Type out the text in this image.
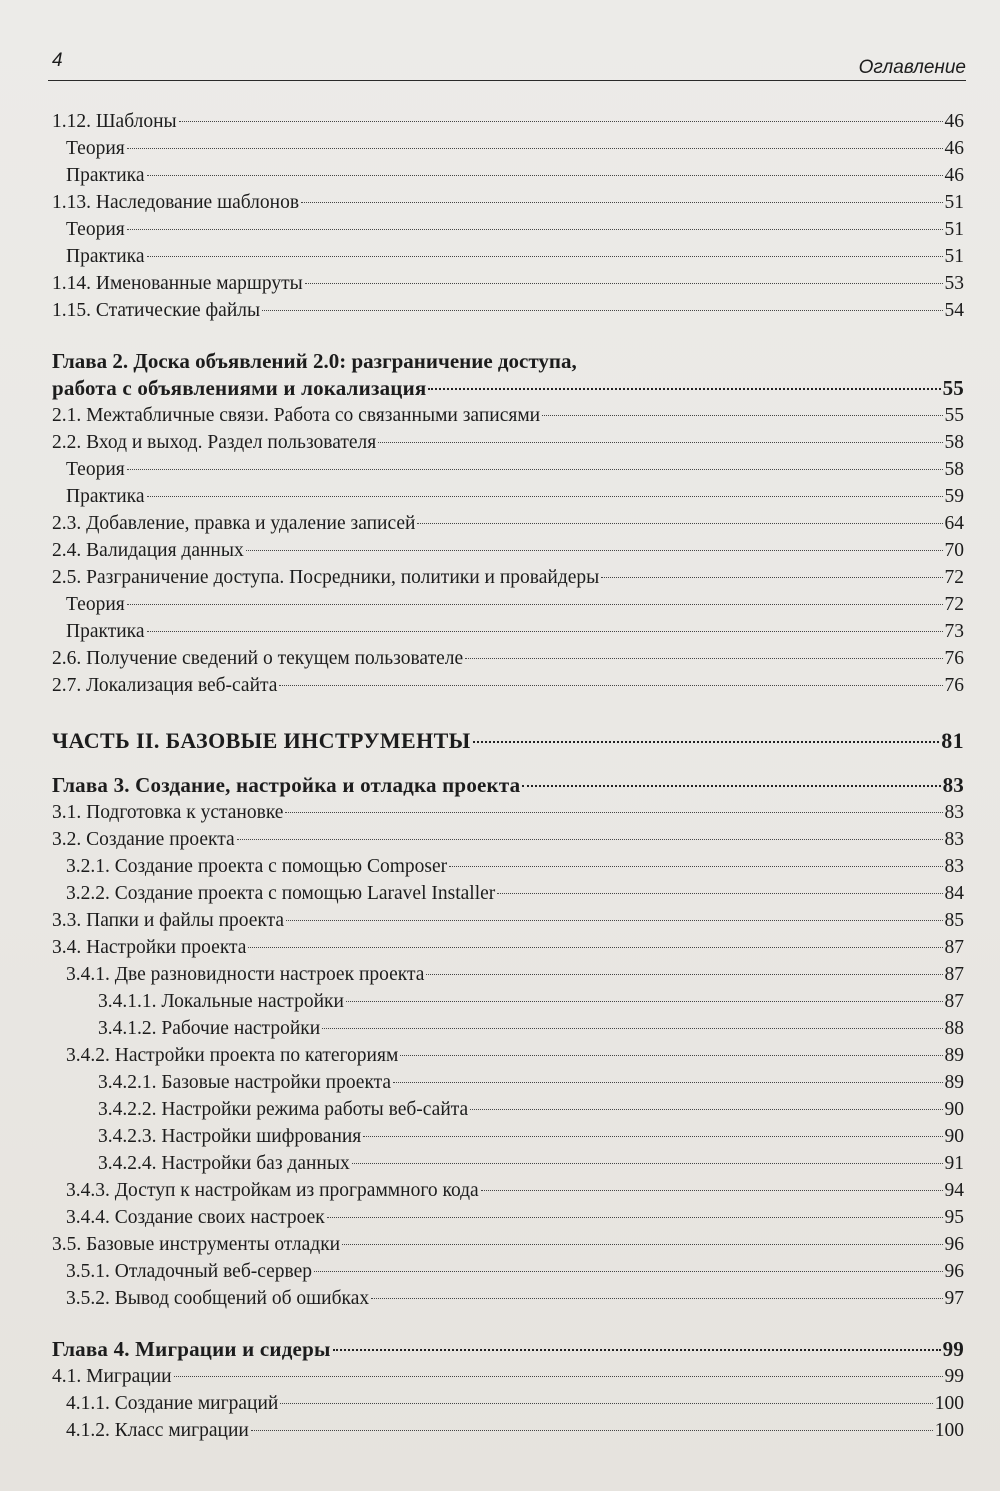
4	Оглавление
1.12. Шаблоны	46
Теория	46
Практика	46
1.13. Наследование шаблонов	51
Теория	51
Практика	51
1.14. Именованные маршруты	53
1.15. Статические файлы	54
Глава 2. Доска объявлений 2.0: разграничение доступа,
работа с объявлениями и локализация	55
2.1. Межтабличные связи. Работа со связанными записями	55
2.2. Вход и выход. Раздел пользователя	58
Теория	58
Практика	59
2.3. Добавление, правка и удаление записей	64
2.4. Валидация данных	70
2.5. Разграничение доступа. Посредники, политики и провайдеры	72
Теория	72
Практика	73
2.6. Получение сведений о текущем пользователе	76
2.7. Локализация веб-сайта	76
ЧАСТЬ II. БАЗОВЫЕ ИНСТРУМЕНТЫ	81
Глава 3. Создание, настройка и отладка проекта	83
3.1. Подготовка к установке	83
3.2. Создание проекта	83
3.2.1. Создание проекта с помощью Composer	83
3.2.2. Создание проекта с помощью Laravel Installer	84
3.3. Папки и файлы проекта	85
3.4. Настройки проекта	87
3.4.1. Две разновидности настроек проекта	87
3.4.1.1. Локальные настройки	87
3.4.1.2. Рабочие настройки	88
3.4.2. Настройки проекта по категориям	89
3.4.2.1. Базовые настройки проекта	89
3.4.2.2. Настройки режима работы веб-сайта	90
3.4.2.3. Настройки шифрования	90
3.4.2.4. Настройки баз данных	91
3.4.3. Доступ к настройкам из программного кода	94
3.4.4. Создание своих настроек	95
3.5. Базовые инструменты отладки	96
3.5.1. Отладочный веб-сервер	96
3.5.2. Вывод сообщений об ошибках	97
Глава 4. Миграции и сидеры	99
4.1. Миграции	99
4.1.1. Создание миграций	100
4.1.2. Класс миграции	100
